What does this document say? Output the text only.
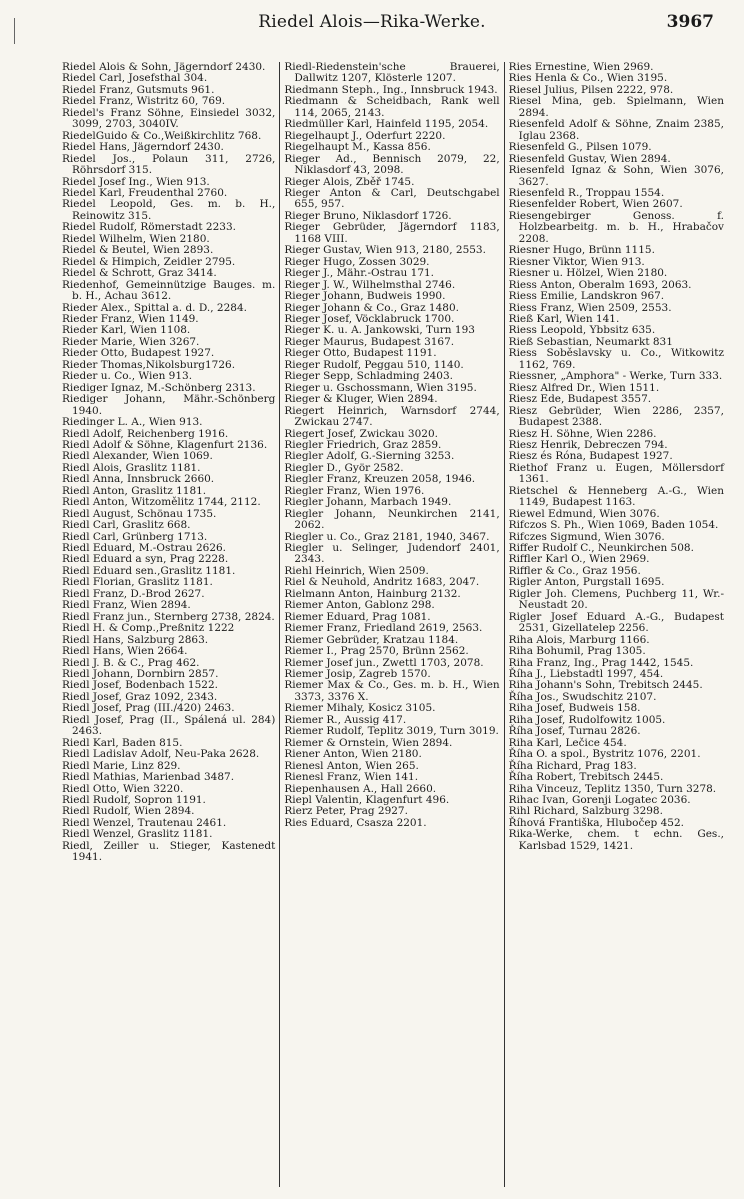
Riedel Alois—Rika-Werke.	3967

Riedel Alois & Sohn, Jägerndorf 2430.

Riedel Carl, Josefsthal 304.

Riedel Franz, Gutsmuts 961.

Riedel Franz, Wistritz 60, 769.

Riedel's Franz Söhne, Einsiedel 3032, 3099, 2703, 3040IV.

RiedelGuido & Co.,Weißkirchlitz 768.

Riedel Hans, Jägerndorf 2430.

Riedel Jos., Polaun 311, 2726, Röhrsdorf 315.

Riedel Josef Ing., Wien 913.

Riedel Karl, Freudenthal 2760.

Riedel Leopold, Ges. m. b. H., Reinowitz 315.

Riedel Rudolf, Römerstadt 2233.

Riedel Wilhelm, Wien 2180.

Riedel & Beutel, Wien 2893.

Riedel & Himpich, Zeidler 2795.

Riedel & Schrott, Graz 3414.

Riedenhof, Gemeinnützige Bauges. m. b. H., Achau 3612.

Rieder Alex., Spittal a. d. D., 2284.

Rieder Franz, Wien 1149.

Rieder Karl, Wien 1108.

Rieder Marie, Wien 3267.

Rieder Otto, Budapest 1927.

Rieder Thomas,Nikolsburg1726.

Rieder u. Co., Wien 913.

Riediger Ignaz, M.-Schönberg 2313.

Riediger Johann, Mähr.-Schönberg 1940.

Riedinger L. A., Wien 913.

Riedl Adolf, Reichenberg 1916.

Riedl Adolf & Söhne, Klagenfurt 2136.

Riedl Alexander, Wien 1069.

Riedl Alois, Graslitz 1181.

Riedl Anna, Innsbruck 2660.

Riedl Anton, Graslitz 1181.

Riedl Anton, Witzomělitz 1744, 2112.

Riedl August, Schönau 1735.

Riedl Carl, Graslitz 668.

Riedl Carl, Grünberg 1713.

Riedl Eduard, M.-Ostrau 2626.

Riedl Eduard a syn, Prag 2228.

Riedl Eduard sen.,Graslitz 1181.

Riedl Florian, Graslitz 1181.

Riedl Franz, D.-Brod 2627.

Riedl Franz, Wien 2894.

Riedl Franz jun., Sternberg 2738, 2824.

Riedl H. & Comp.,Preßnitz 1222

Riedl Hans, Salzburg 2863.

Riedl Hans, Wien 2664.

Riedl J. B. & C., Prag 462.

Riedl Johann, Dornbirn 2857.

Riedl Josef, Bodenbach 1522.

Riedl Josef, Graz 1092, 2343.

Riedl Josef, Prag (III./420) 2463.

Riedl Josef, Prag (II., Spálená ul. 284) 2463.

Riedl Karl, Baden 815.

Riedl Ladislav Adolf, Neu-Paka 2628.

Riedl Marie, Linz 829.

Riedl Mathias, Marienbad 3487.

Riedl Otto, Wien 3220.

Riedl Rudolf, Sopron 1191.

Riedl Rudolf, Wien 2894.

Riedl Wenzel, Trautenau 2461.

Riedl Wenzel, Graslitz 1181.

Riedl, Zeiller u. Stieger, Kastenedt 1941.

Riedl-Riedenstein'sche Brauerei, Dallwitz 1207, Klösterle 1207.

Riedmann Steph., Ing., Innsbruck 1943.

Riedmann & Scheidbach, Rank well 114, 2065, 2143.

Riedmüller Karl, Hainfeld 1195, 2054.

Riegelhaupt J., Oderfurt 2220.

Riegelhaupt M., Kassa 856.

Rieger Ad., Bennisch 2079, 22, Niklasdorf 43, 2098.

Rieger Alois, Zběř 1745.

Rieger Anton & Carl, Deutschgabel 655, 957.

Rieger Bruno, Niklasdorf 1726.

Rieger Gebrüder, Jägerndorf 1183, 1168 VIII.

Rieger Gustav, Wien 913, 2180, 2553.

Rieger Hugo, Zossen 3029.

Rieger J., Mähr.-Ostrau 171.

Rieger J. W., Wilhelmsthal 2746.

Rieger Johann, Budweis 1990.

Rieger Johann & Co., Graz 1480.

Rieger Josef, Vöcklabruck 1700.

Rieger K. u. A. Jankowski, Turn 193

Rieger Maurus, Budapest 3167.

Rieger Otto, Budapest 1191.

Rieger Rudolf, Peggau 510, 1140.

Rieger Sepp, Schladming 2403.

Rieger u. Gschossmann, Wien 3195.

Rieger & Kluger, Wien 2894.

Riegert Heinrich, Warnsdorf 2744, Zwickau 2747.

Riegert Josef, Zwickau 3020.

Riegler Friedrich, Graz 2859.

Riegler Adolf, G.-Sierning 3253.

Riegler D., Györ 2582.

Riegler Franz, Kreuzen 2058, 1946.

Riegler Franz, Wien 1976.

Riegler Johann, Marbach 1949.

Riegler Johann, Neunkirchen 2141, 2062.

Riegler u. Co., Graz 2181, 1940, 3467.

Riegler u. Selinger, Judendorf 2401, 2343.

Riehl Heinrich, Wien 2509.

Riel & Neuhold, Andritz 1683, 2047.

Rielmann Anton, Hainburg 2132.

Riemer Anton, Gablonz 298.

Riemer Eduard, Prag 1081.

Riemer Franz, Friedland 2619, 2563.

Riemer Gebrüder, Kratzau 1184.

Riemer I., Prag 2570, Brünn 2562.

Riemer Josef jun., Zwettl 1703, 2078.

Riemer Josip, Zagreb 1570.

Riemer Max & Co., Ges. m. b. H., Wien 3373, 3376 X.

Riemer Mihaly, Kosicz 3105.

Riemer R., Aussig 417.

Riemer Rudolf, Teplitz 3019, Turn 3019.

Riemer & Ornstein, Wien 2894.

Riener Anton, Wien 2180.

Rienesl Anton, Wien 265.

Rienesl Franz, Wien 141.

Riepenhausen A., Hall 2660.

Riepl Valentin, Klagenfurt 496.

Rierz Peter, Prag 2927.

Ries Eduard, Csasza 2201.

Ries Ernestine, Wien 2969.

Ries Henla & Co., Wien 3195.

Riesel Julius, Pilsen 2222, 978.

Riesel Mina, geb. Spielmann, Wien 2894.

Riesenfeld Adolf & Söhne, Znaim 2385, Iglau 2368.

Riesenfeld G., Pilsen 1079.

Riesenfeld Gustav, Wien 2894.

Riesenfeld Ignaz & Sohn, Wien 3076, 3627.

Riesenfeld R., Troppau 1554.

Riesenfelder Robert, Wien 2607.

Riesengebirger Genoss. f. Holzbearbeitg. m. b. H., Hrabačov 2208.

Riesner Hugo, Brünn 1115.

Riesner Viktor, Wien 913.

Riesner u. Hölzel, Wien 2180.

Riess Anton, Oberalm 1693, 2063.

Riess Emilie, Landskron 967.

Riess Franz, Wien 2509, 2553.

Rieß Karl, Wien 141.

Riess Leopold, Ybbsitz 635.

Rieß Sebastian, Neumarkt 831

Riess Soběslavsky u. Co., Witkowitz 1162, 769.

Riessner, „Amphora" - Werke, Turn 333.

Riesz Alfred Dr., Wien 1511.

Riesz Ede, Budapest 3557.

Riesz Gebrüder, Wien 2286, 2357, Budapest 2388.

Riesz H. Söhne, Wien 2286.

Riesz Henrik, Debreczen 794.

Riesz és Róna, Budapest 1927.

Riethof Franz u. Eugen, Möllersdorf 1361.

Rietschel & Henneberg A.-G., Wien 1149, Budapest 1163.

Riewel Edmund, Wien 3076.

Rifczos S. Ph., Wien 1069, Baden 1054.

Rifczes Sigmund, Wien 3076.

Riffer Rudolf C., Neunkirchen 508.

Riffler Karl O., Wien 2969.

Riffler & Co., Graz 1956.

Rigler Anton, Purgstall 1695.

Rigler Joh. Clemens, Puchberg 11, Wr.-Neustadt 20.

Rigler Josef Eduard A.-G., Budapest 2531, Gizellatelep 2256.

Riha Alois, Marburg 1166.

Riha Bohumil, Prag 1305.

Riha Franz, Ing., Prag 1442, 1545.

Říha J., Liebstadtl 1997, 454.

Riha Johann's Sohn, Trebitsch 2445.

Říha Jos., Swudschitz 2107.

Riha Josef, Budweis 158.

Riha Josef, Rudolfowitz 1005.

Říha Josef, Turnau 2826.

Riha Karl, Lečice 454.

Říha O. a spol., Bystritz 1076, 2201.

Říha Richard, Prag 183.

Říha Robert, Trebitsch 2445.

Riha Vinceuz, Teplitz 1350, Turn 3278.

Rihac Ivan, Gorenji Logatec 2036.

Rihl Richard, Salzburg 3298.

Říhová Františka, Hlubočep 452.

Rika-Werke, chem. t echn. Ges., Karlsbad 1529, 1421.
